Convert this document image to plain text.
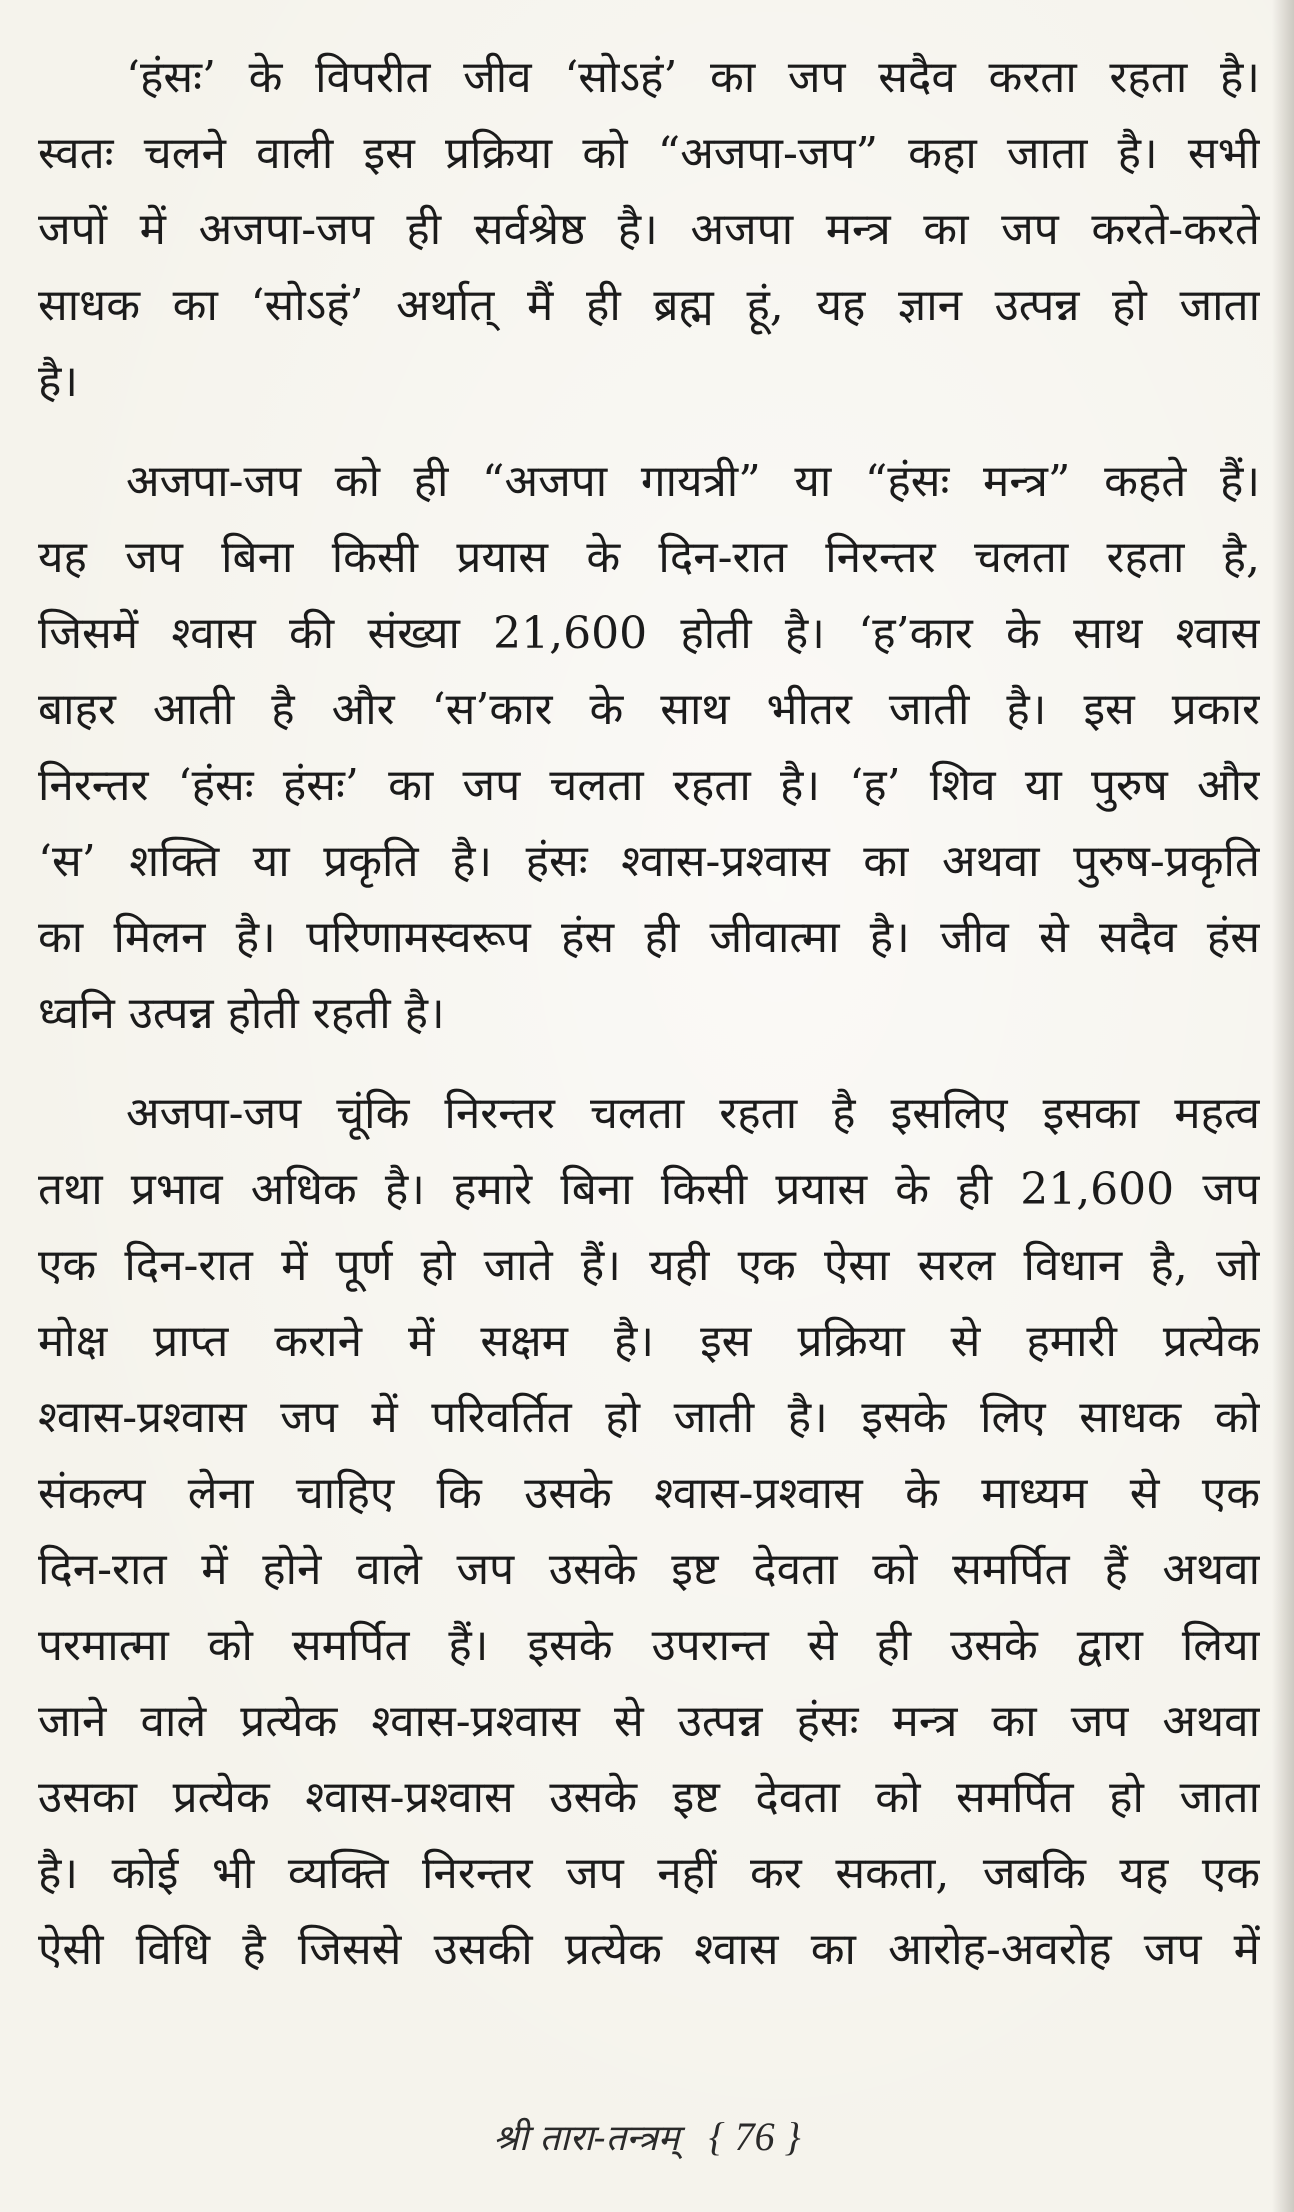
‘हंसः’ के विपरीत जीव ‘सोऽहं’ का जप सदैव करता रहता है।
स्वतः चलने वाली इस प्रक्रिया को “अजपा-जप” कहा जाता है। सभी
जपों में अजपा-जप ही सर्वश्रेष्ठ है। अजपा मन्त्र का जप करते-करते
साधक का ‘सोऽहं’ अर्थात् मैं ही ब्रह्म हूं, यह ज्ञान उत्पन्न हो जाता
है।
अजपा-जप को ही “अजपा गायत्री” या “हंसः मन्त्र” कहते हैं।
यह जप बिना किसी प्रयास के दिन-रात निरन्तर चलता रहता है,
जिसमें श्वास की संख्या 21,600 होती है। ‘ह’कार के साथ श्वास
बाहर आती है और ‘स’कार के साथ भीतर जाती है। इस प्रकार
निरन्तर ‘हंसः हंसः’ का जप चलता रहता है। ‘ह’ शिव या पुरुष और
‘स’ शक्ति या प्रकृति है। हंसः श्वास-प्रश्वास का अथवा पुरुष-प्रकृति
का मिलन है। परिणामस्वरूप हंस ही जीवात्मा है। जीव से सदैव हंस
ध्वनि उत्पन्न होती रहती है।
अजपा-जप चूंकि निरन्तर चलता रहता है इसलिए इसका महत्व
तथा प्रभाव अधिक है। हमारे बिना किसी प्रयास के ही 21,600 जप
एक दिन-रात में पूर्ण हो जाते हैं। यही एक ऐसा सरल विधान है, जो
मोक्ष प्राप्त कराने में सक्षम है। इस प्रक्रिया से हमारी प्रत्येक
श्वास-प्रश्वास जप में परिवर्तित हो जाती है। इसके लिए साधक को
संकल्प लेना चाहिए कि उसके श्वास-प्रश्वास के माध्यम से एक
दिन-रात में होने वाले जप उसके इष्ट देवता को समर्पित हैं अथवा
परमात्मा को समर्पित हैं। इसके उपरान्त से ही उसके द्वारा लिया
जाने वाले प्रत्येक श्वास-प्रश्वास से उत्पन्न हंसः मन्त्र का जप अथवा
उसका प्रत्येक श्वास-प्रश्वास उसके इष्ट देवता को समर्पित हो जाता
है। कोई भी व्यक्ति निरन्तर जप नहीं कर सकता, जबकि यह एक
ऐसी विधि है जिससे उसकी प्रत्येक श्वास का आरोह-अवरोह जप में
श्री तारा-तन्त्रम् { 76 }
